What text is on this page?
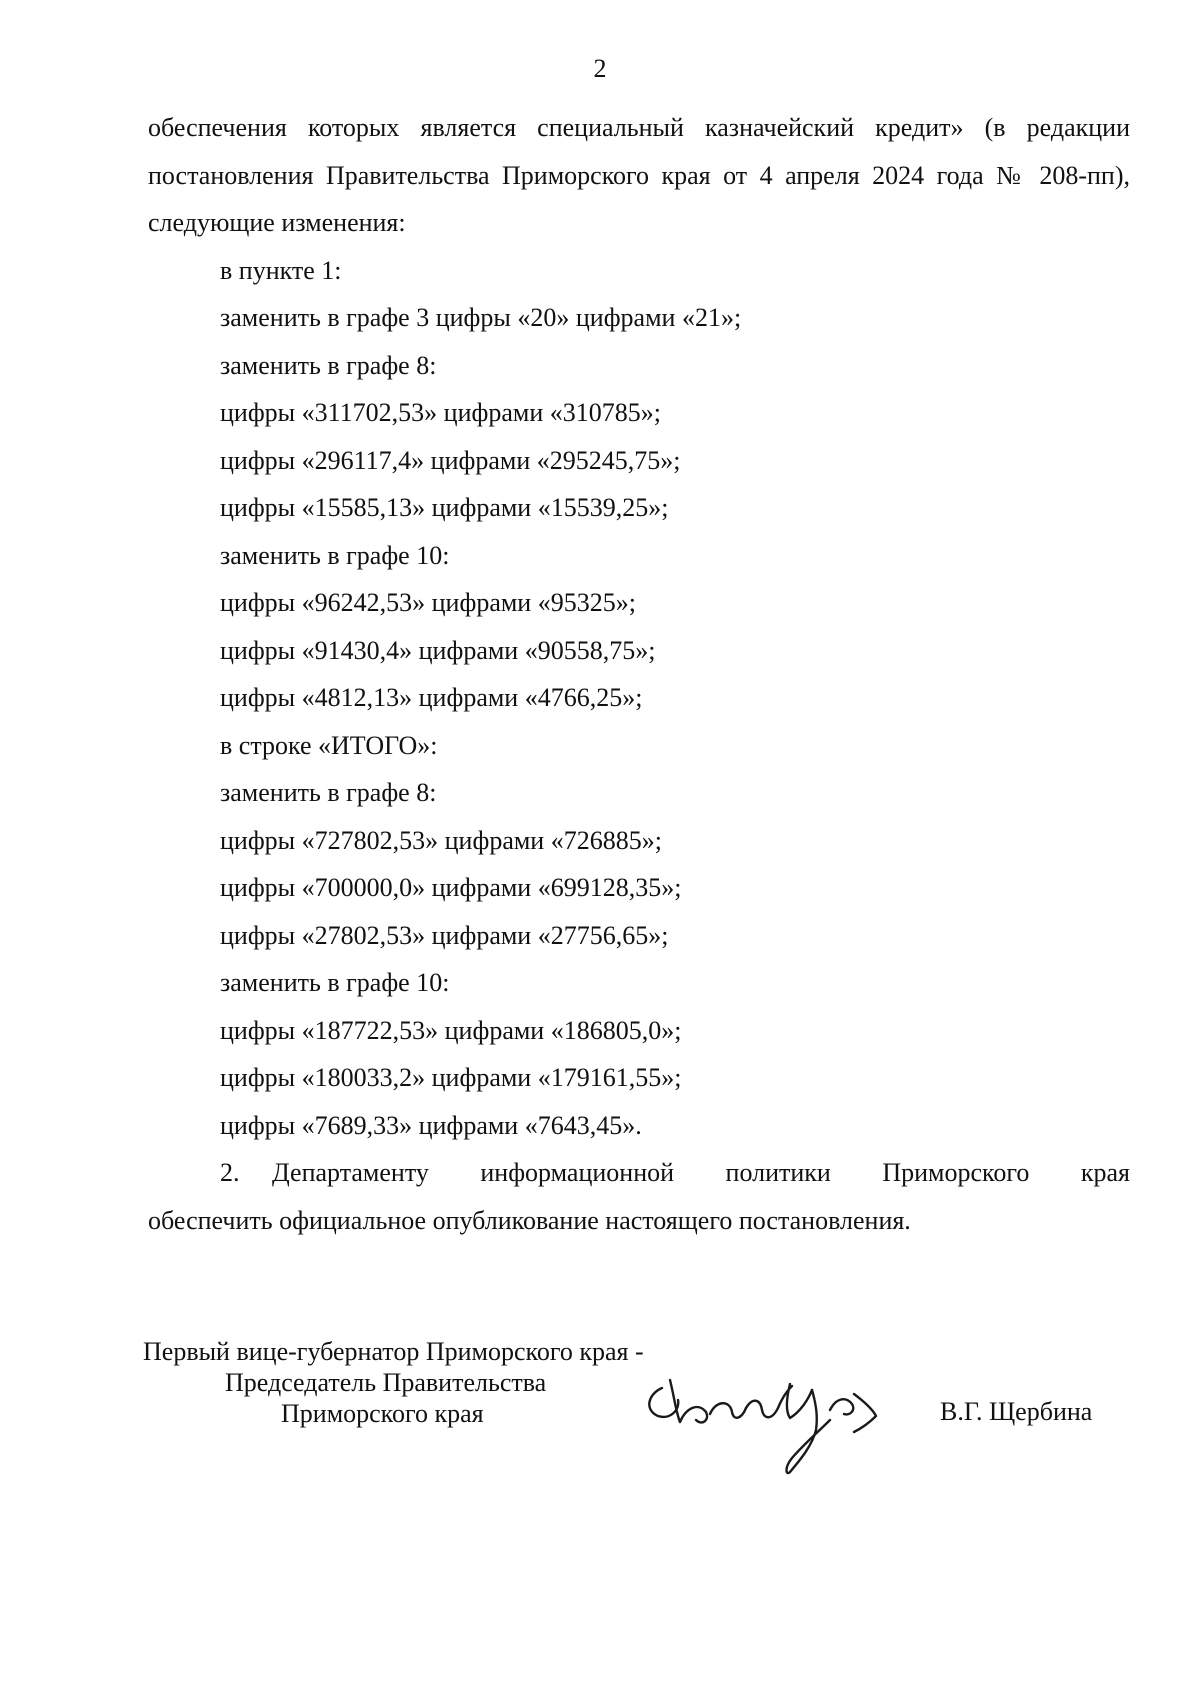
2

обеспечения которых является специальный казначейский кредит» (в редакции постановления Правительства Приморского края от 4 апреля 2024 года № 208-пп), следующие изменения:

в пункте 1:
заменить в графе 3 цифры «20» цифрами «21»;
заменить в графе 8:
цифры «311702,53» цифрами «310785»;
цифры «296117,4» цифрами «295245,75»;
цифры «15585,13» цифрами «15539,25»;
заменить в графе 10:
цифры «96242,53» цифрами «95325»;
цифры «91430,4» цифрами «90558,75»;
цифры «4812,13» цифрами «4766,25»;
в строке «ИТОГО»:
заменить в графе 8:
цифры «727802,53» цифрами «726885»;
цифры «700000,0» цифрами «699128,35»;
цифры «27802,53» цифрами «27756,65»;
заменить в графе 10:
цифры «187722,53» цифрами «186805,0»;
цифры «180033,2» цифрами «179161,55»;
цифры «7689,33» цифрами «7643,45».

2. Департаменту информационной политики Приморского края
обеспечить официальное опубликование настоящего постановления.

Первый вице-губернатор Приморского края -
Председатель Правительства
Приморского края	В.Г. Щербина
